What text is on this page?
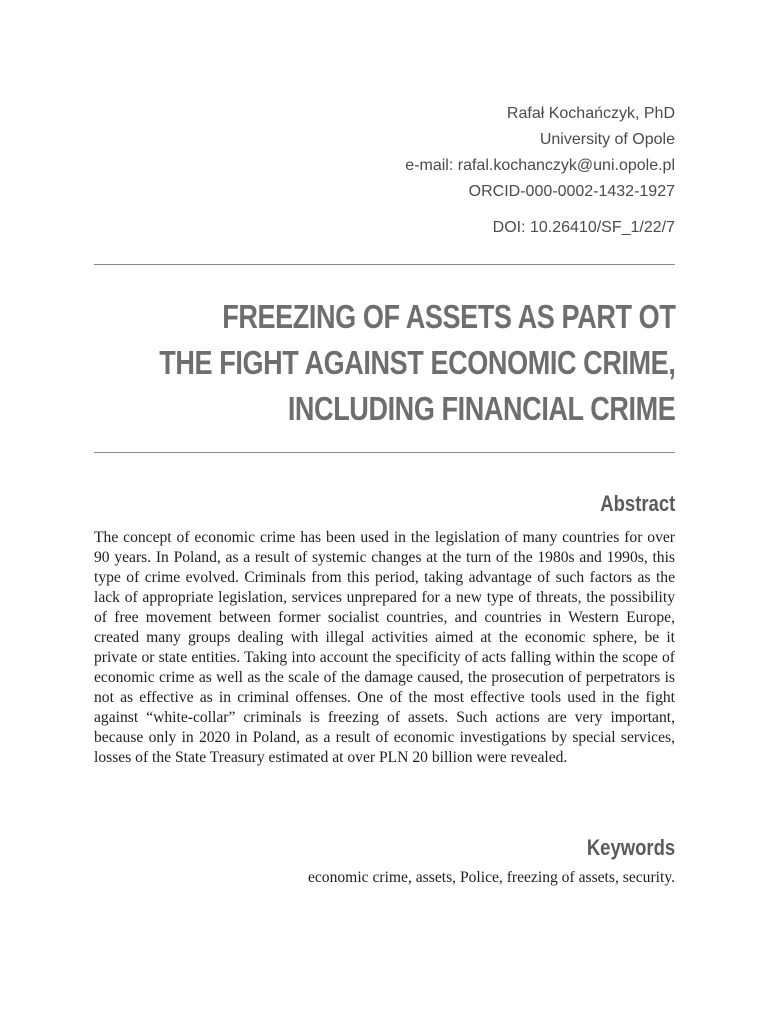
Rafał Kochańczyk, PhD
University of Opole
e-mail: rafal.kochanczyk@uni.opole.pl
ORCID-000-0002-1432-1927
DOI: 10.26410/SF_1/22/7
FREEZING OF ASSETS AS PART OT
THE FIGHT AGAINST ECONOMIC CRIME,
INCLUDING FINANCIAL CRIME
Abstract
The concept of economic crime has been used in the legislation of many countries for over 90 years. In Poland, as a result of systemic changes at the turn of the 1980s and 1990s, this type of crime evolved. Criminals from this period, taking advantage of such factors as the lack of appropriate legislation, services unprepared for a new type of threats, the possibility of free movement between former socialist countries, and countries in Western Europe, created many groups dealing with illegal activities aimed at the economic sphere, be it private or state entities. Taking into account the specificity of acts falling within the scope of economic crime as well as the scale of the damage caused, the prosecution of perpetrators is not as effective as in criminal offenses. One of the most effective tools used in the fight against “white-collar” criminals is freezing of assets. Such actions are very important, because only in 2020 in Poland, as a result of economic investigations by special services, losses of the State Treasury estimated at over PLN 20 billion were revealed.
Keywords
economic crime, assets, Police, freezing of assets, security.
